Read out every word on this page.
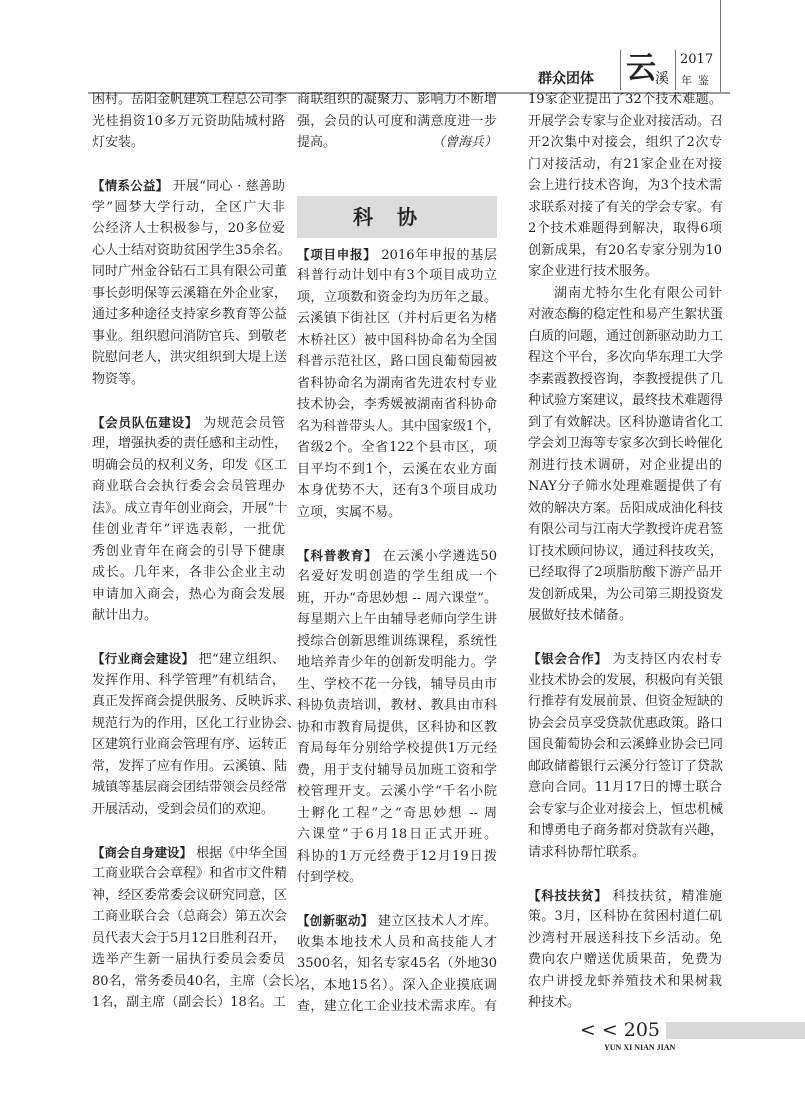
群众团体 云 溪
2017
年鉴
困村。岳阳金帆建筑工程总公司李
光桂捐资10多万元资助陆城村路
灯安装。
【情系公益】 开展“同心 · 慈善助
学”圆梦大学行动，全区广大非
公经济人士积极参与，20多位爱
心人士结对资助贫困学生35余名。
同时广州金谷钻石工具有限公司董
事长彭明保等云溪籍在外企业家，
通过多种途径支持家乡教育等公益
事业。组织慰问消防官兵、到敬老
院慰问老人，洪灾组织到大堤上送
物资等。
【会员队伍建设】 为规范会员管
理，增强执委的责任感和主动性，
明确会员的权利义务，印发《区工
商业联合会执行委会会员管理办
法》。成立青年创业商会，开展“十
佳创业青年”评选表彰，一批优
秀创业青年在商会的引导下健康
成长。几年来，各非公企业主动
申请加入商会，热心为商会发展
献计出力。
【行业商会建设】 把“建立组织、
发挥作用、科学管理”有机结合，
真正发挥商会提供服务、反映诉求、
规范行为的作用，区化工行业协会、
区建筑行业商会管理有序、运转正
常，发挥了应有作用。云溪镇、陆
城镇等基层商会团结带领会员经常
开展活动，受到会员们的欢迎。
【商会自身建设】 根据《中华全国
工商业联合会章程》和省市文件精
神，经区委常委会议研究同意，区
工商业联合会（总商会）第五次会
员代表大会于5月12日胜利召开，
选举产生新一届执行委员会委员
80名，常务委员40名，主席（会长）
1名，副主席（副会长）18名。工
商联组织的凝聚力、影响力不断增
强，会员的认可度和满意度进一步
提高。	（曾海兵）
科协
【项目申报】 2016年申报的基层
科普行动计划中有3个项目成功立
项，立项数和资金均为历年之最。
云溪镇下街社区（并村后更名为楮
木桥社区）被中国科协命名为全国
科普示范社区，路口国良葡萄园被
省科协命名为湖南省先进农村专业
技术协会，李秀媛被湖南省科协命
名为科普带头人。其中国家级1个，
省级2个。全省122个县市区，项
目平均不到1个，云溪在农业方面
本身优势不大，还有3个项目成功
立项，实属不易。
【科普教育】 在云溪小学遴选50
名爱好发明创造的学生组成一个
班，开办“奇思妙想 -- 周六课堂”。
每星期六上午由辅导老师向学生讲
授综合创新思维训练课程，系统性
地培养青少年的创新发明能力。学
生、学校不花一分钱，辅导员由市
科协负责培训，教材、教具由市科
协和市教育局提供，区科协和区教
育局每年分别给学校提供1万元经
费，用于支付辅导员加班工资和学
校管理开支。云溪小学“千名小院
士孵化工程”之“奇思妙想 -- 周
六课堂”于6月18日正式开班。
科协的1万元经费于12月19日拨
付到学校。
【创新驱动】 建立区技术人才库。
收集本地技术人员和高技能人才
3500名，知名专家45名（外地30
名，本地15名）。深入企业摸底调
查，建立化工企业技术需求库。有
19家企业提出了32个技术难题。
开展学会专家与企业对接活动。召
开2次集中对接会，组织了2次专
门对接活动，有21家企业在对接
会上进行技术咨询，为3个技术需
求联系对接了有关的学会专家。有
2个技术难题得到解决，取得6项
创新成果，有20名专家分别为10
家企业进行技术服务。
湖南尤特尔生化有限公司针
对液态酶的稳定性和易产生絮状蛋
白质的问题，通过创新驱动助力工
程这个平台，多次向华东理工大学
李素霞教授咨询，李教授提供了几
种试验方案建议，最终技术难题得
到了有效解决。区科协邀请省化工
学会刘卫海等专家多次到长岭催化
剂进行技术调研，对企业提出的
NAY分子筛水处理难题提供了有
效的解决方案。岳阳成成油化科技
有限公司与江南大学教授许虎君签
订技术顾问协议，通过科技攻关，
已经取得了2项脂肪酸下游产品开
发创新成果，为公司第三期投资发
展做好技术储备。
【银会合作】 为支持区内农村专
业技术协会的发展，积极向有关银
行推荐有发展前景、但资金短缺的
协会会员享受贷款优惠政策。路口
国良葡萄协会和云溪蜂业协会已同
邮政储蓄银行云溪分行签订了贷款
意向合同。11月17日的博士联合
会专家与企业对接会上，恒忠机械
和博勇电子商务都对贷款有兴趣，
请求科协帮忙联系。
【科技扶贫】 科技扶贫，精准施
策。3月，区科协在贫困村道仁矶
沙湾村开展送科技下乡活动。免
费向农户赠送优质果苗，免费为
农户讲授龙虾养殖技术和果树栽
种技术。
< < 205
YUN XI NIAN JIAN
